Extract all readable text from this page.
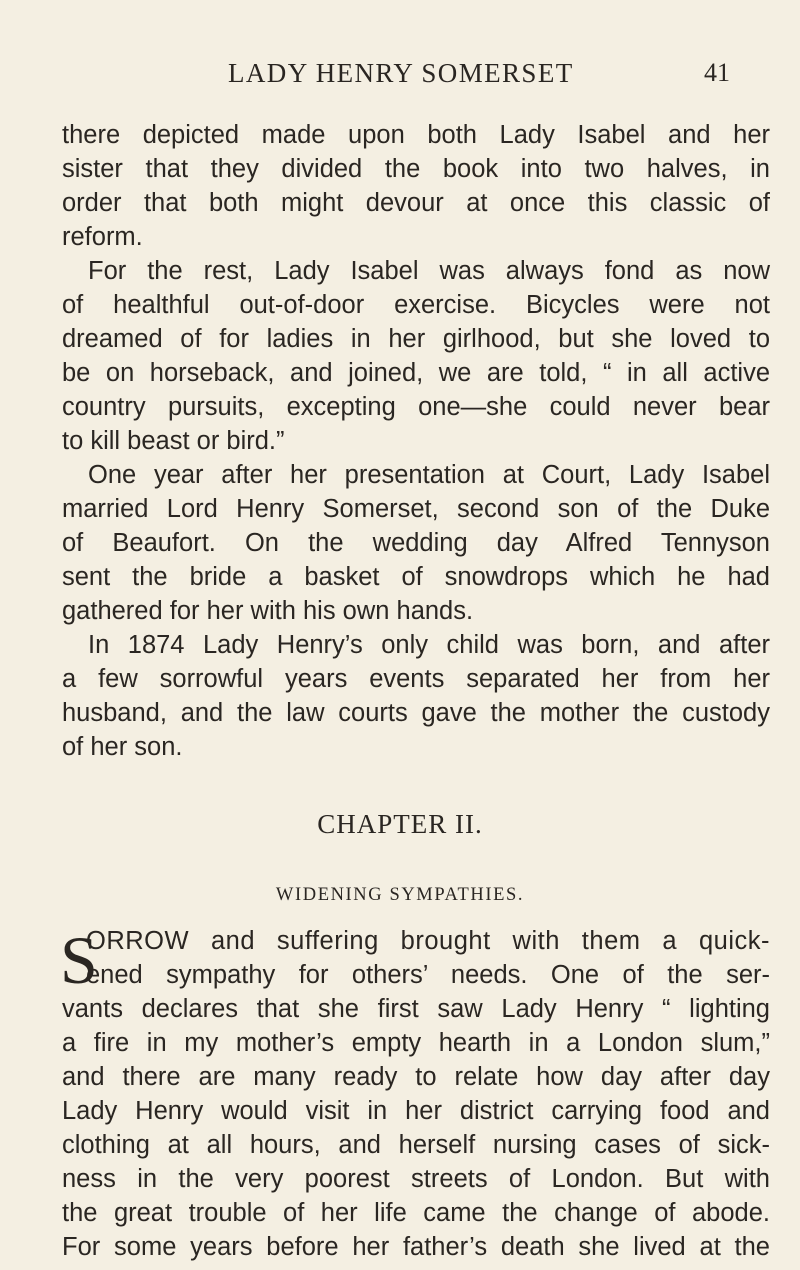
LADY HENRY SOMERSET	41
there depicted made upon both Lady Isabel and her
sister that they divided the book into two halves, in
order that both might devour at once this classic of
reform.
For the rest, Lady Isabel was always fond as now
of healthful out-of-door exercise. Bicycles were not
dreamed of for ladies in her girlhood, but she loved to
be on horseback, and joined, we are told, “ in all active
country pursuits, excepting one—she could never bear
to kill beast or bird.”
One year after her presentation at Court, Lady Isabel
married Lord Henry Somerset, second son of the Duke
of Beaufort. On the wedding day Alfred Tennyson
sent the bride a basket of snowdrops which he had
gathered for her with his own hands.
In 1874 Lady Henry’s only child was born, and after
a few sorrowful years events separated her from her
husband, and the law courts gave the mother the custody
of her son.
CHAPTER II.
WIDENING SYMPATHIES.
S
ORROW and suffering brought with them a quick-
ened sympathy for others’ needs. One of the ser-
vants declares that she first saw Lady Henry “ lighting
a fire in my mother’s empty hearth in a London slum,”
and there are many ready to relate how day after day
Lady Henry would visit in her district carrying food and
clothing at all hours, and herself nursing cases of sick-
ness in the very poorest streets of London. But with
the great trouble of her life came the change of abode.
For some years before her father’s death she lived at the
